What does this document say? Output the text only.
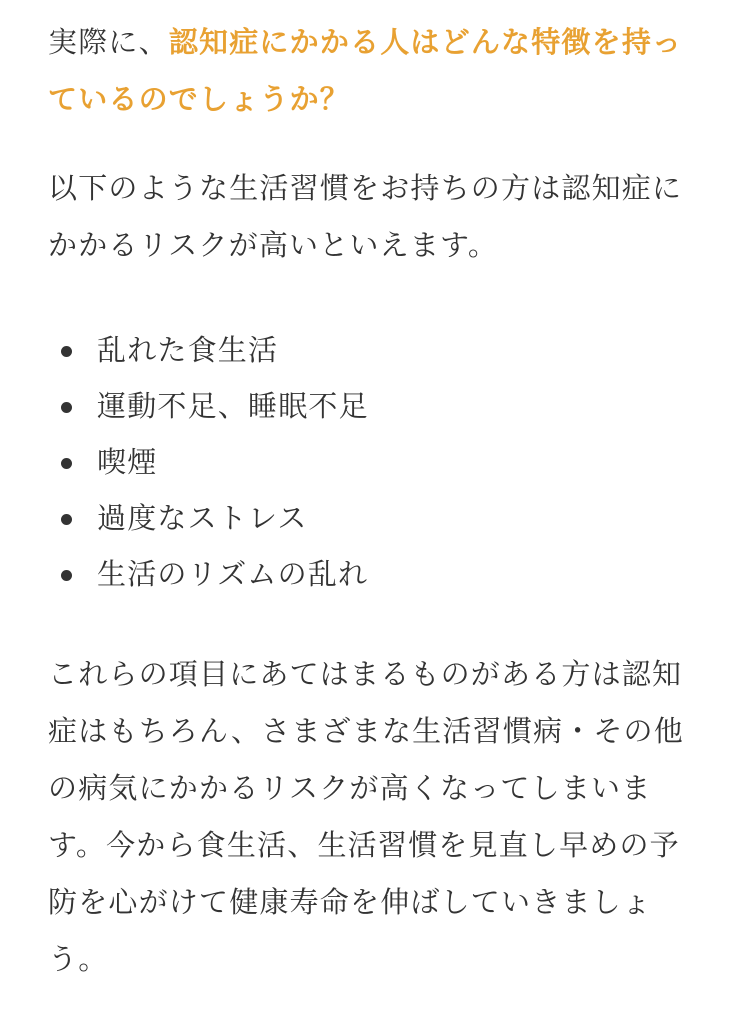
実際に、認知症にかかる人はどんな特徴を持っているのでしょうか？

以下のような生活習慣をお持ちの方は認知症にかかるリスクが高いといえます。

乱れた食生活
運動不足、睡眠不足
喫煙
過度なストレス
生活のリズムの乱れ

これらの項目にあてはまるものがある方は認知症はもちろん、さまざまな生活習慣病・その他の病気にかかるリスクが高くなってしまいます。今から食生活、生活習慣を見直し早めの予防を心がけて健康寿命を伸ばしていきましょう。
